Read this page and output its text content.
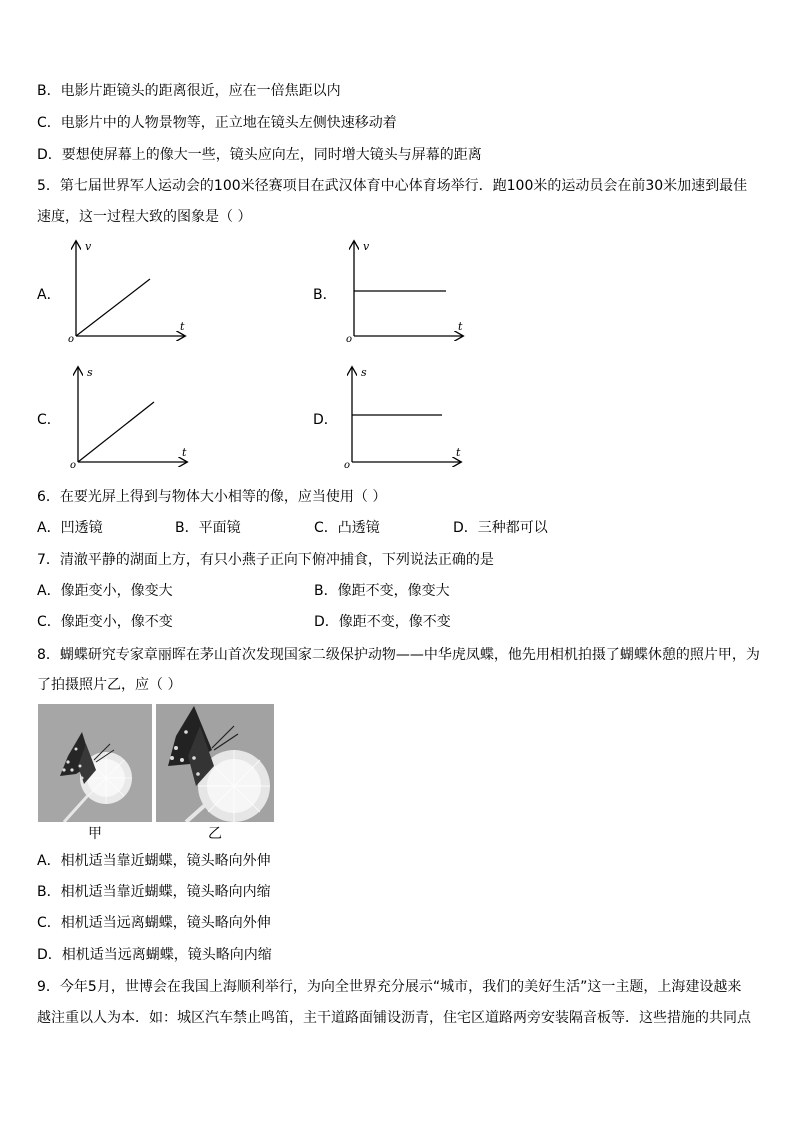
B．电影片距镜头的距离很近，应在一倍焦距以内
C．电影片中的人物景物等，正立地在镜头左侧快速移动着
D．要想使屏幕上的像大一些，镜头应向左，同时增大镜头与屏幕的距离
5．第七届世界军人运动会的100米径赛项目在武汉体育中心体育场举行．跑100米的运动员会在前30米加速到最佳
速度，这一过程大致的图象是（ ）
A．
v
t
o
B．
v
t
o
C．
s
t
o
D．
s
t
o
6．在要光屏上得到与物体大小相等的像，应当使用（ ）
A．凹透镜	B．平面镜	C．凸透镜	D．三种都可以
7．清澈平静的湖面上方，有只小燕子正向下俯冲捕食，下列说法正确的是
A．像距变小，像变大	B．像距不变，像变大
C．像距变小，像不变	D．像距不变，像不变
8．蝴蝶研究专家章丽晖在茅山首次发现国家二级保护动物——中华虎凤蝶，他先用相机拍摄了蝴蝶休憩的照片甲，为
了拍摄照片乙，应（ ）
甲	乙
A．相机适当靠近蝴蝶，镜头略向外伸
B．相机适当靠近蝴蝶，镜头略向内缩
C．相机适当远离蝴蝶，镜头略向外伸
D．相机适当远离蝴蝶，镜头略向内缩
9．今年5月，世博会在我国上海顺利举行，为向全世界充分展示“城市，我们的美好生活”这一主题，上海建设越来
越注重以人为本．如：城区汽车禁止鸣笛，主干道路面铺设沥青，住宅区道路两旁安装隔音板等．这些措施的共同点
